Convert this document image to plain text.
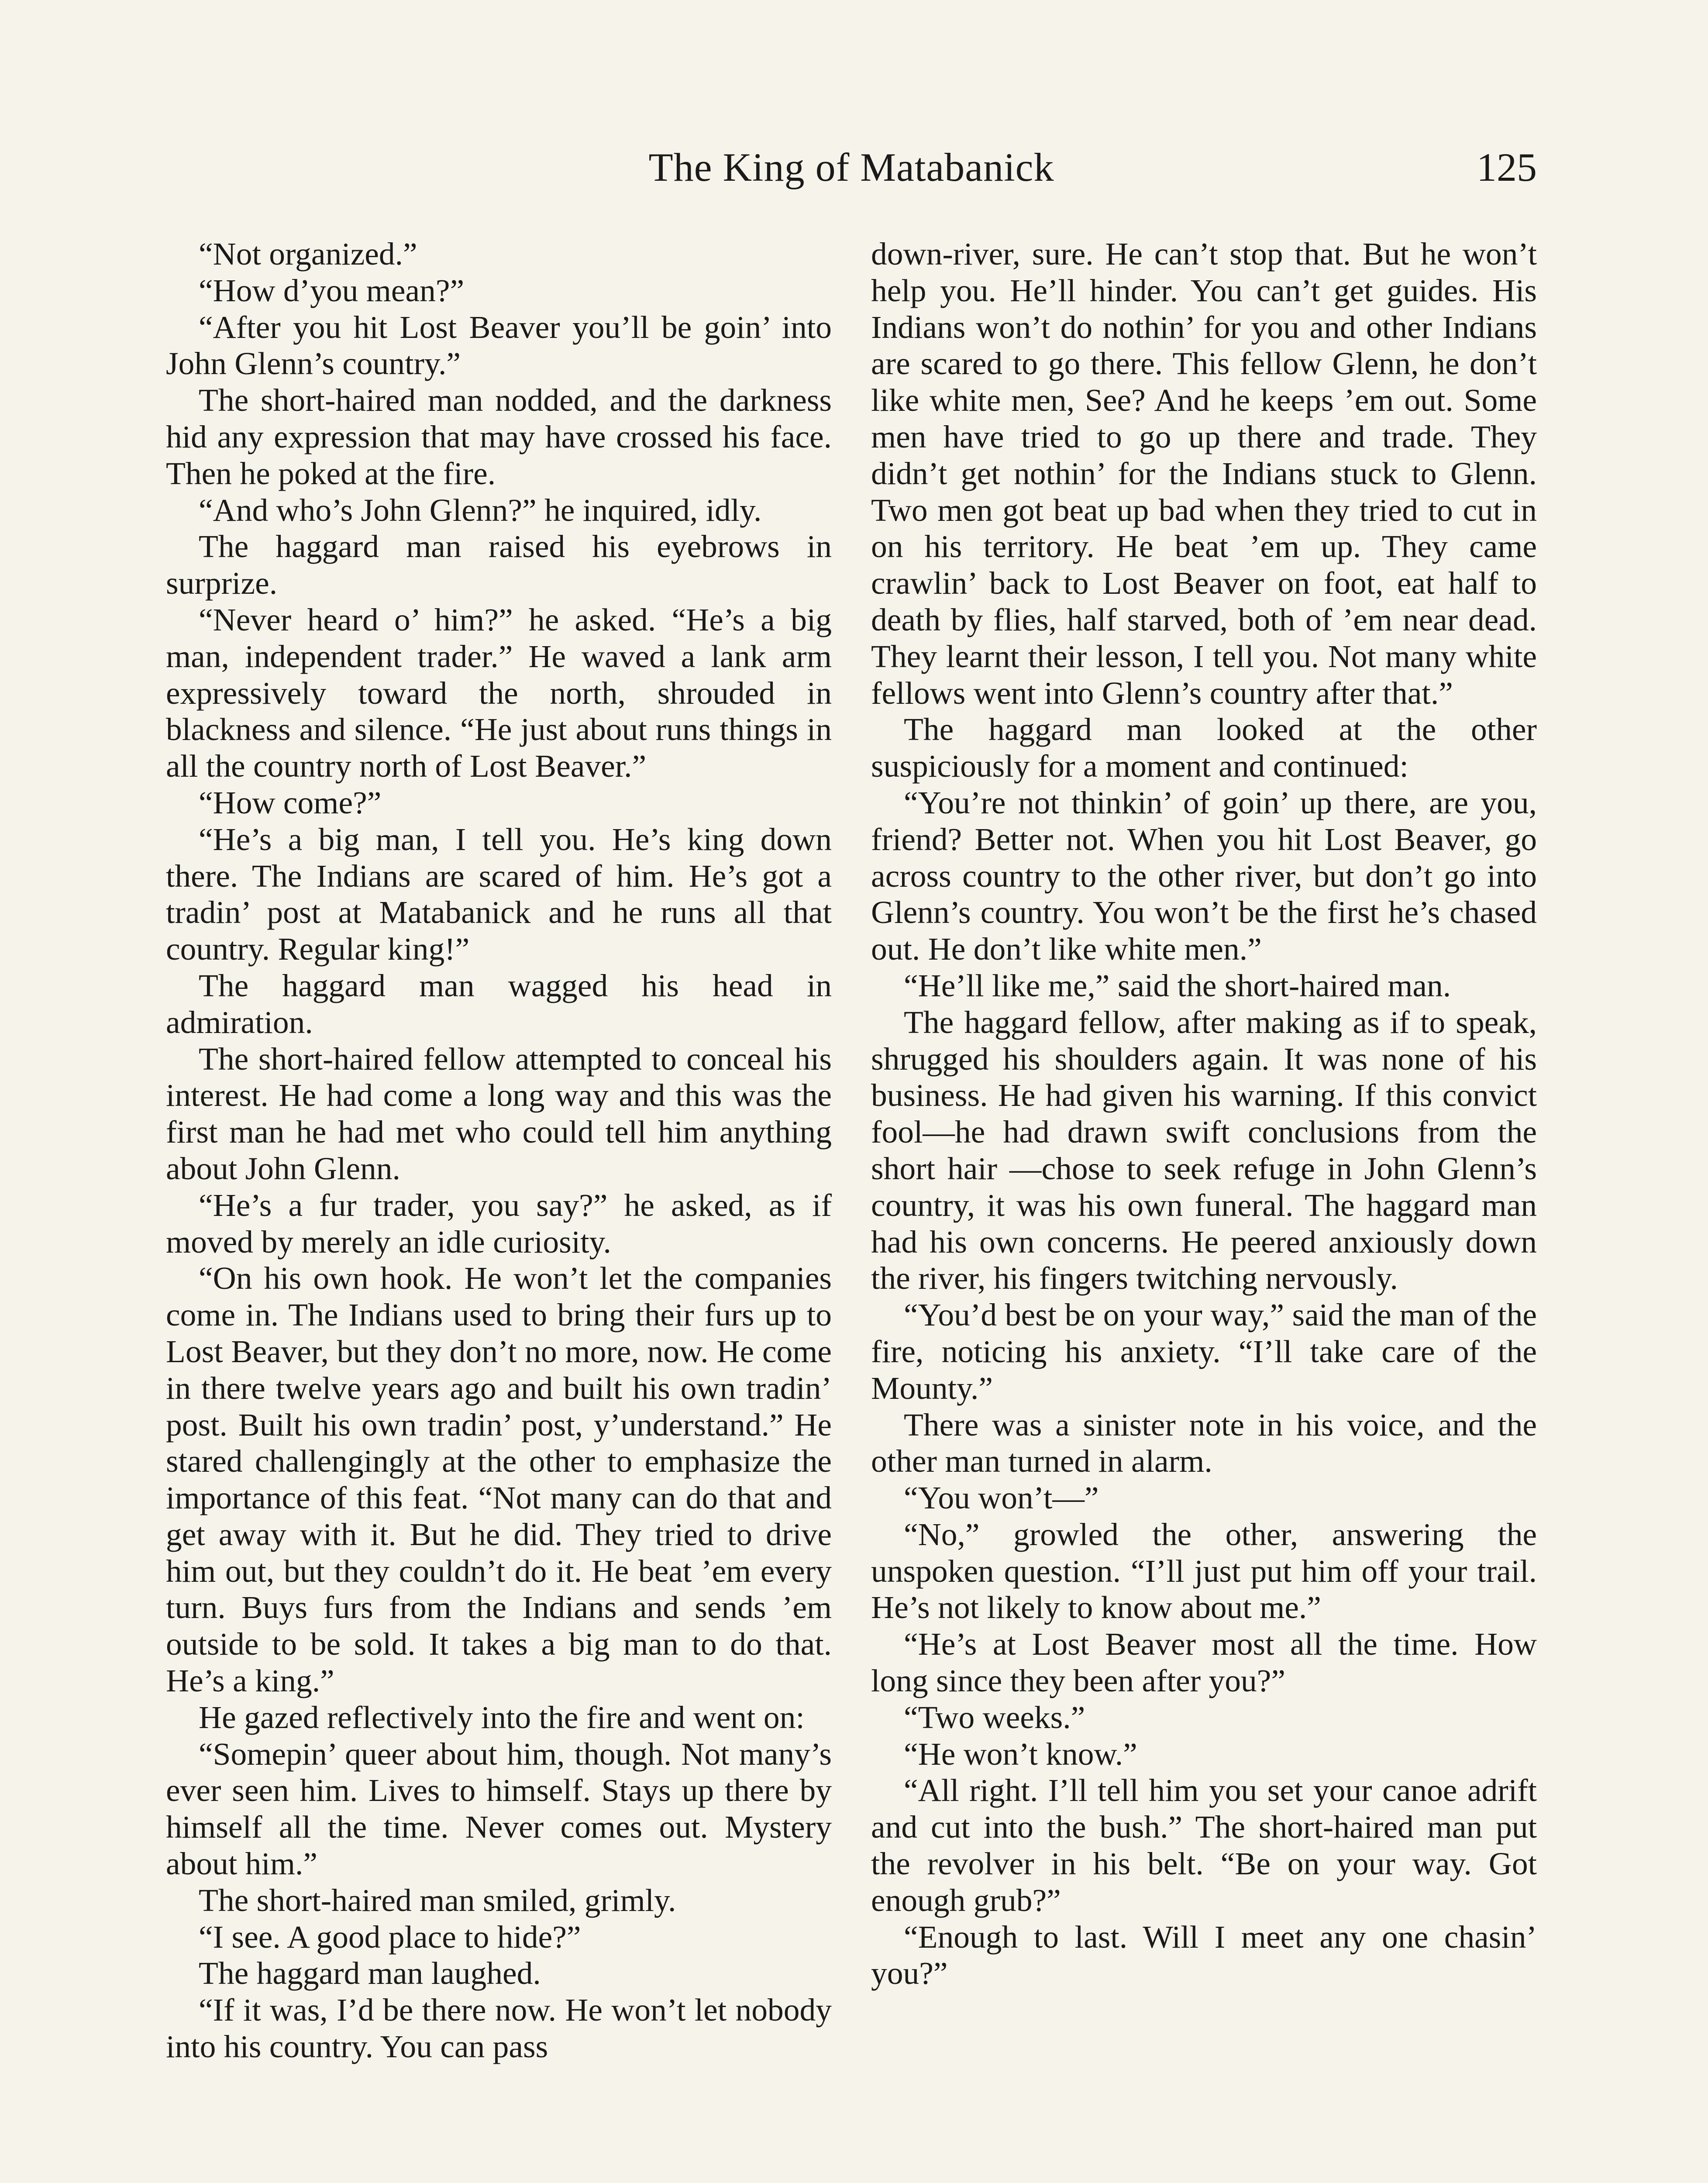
The King of Matabanick	125

“Not organized.”

“How d’you mean?”

“After you hit Lost Beaver you’ll be goin’ into John Glenn’s country.”

The short-haired man nodded, and the darkness hid any expression that may have crossed his face. Then he poked at the fire.

“And who’s John Glenn?” he inquired, idly.

The haggard man raised his eyebrows in surprize.

“Never heard o’ him?” he asked. “He’s a big man, independent trader.” He waved a lank arm expressively toward the north, shrouded in blackness and silence. “He just about runs things in all the country north of Lost Beaver.”

“How come?”

“He’s a big man, I tell you. He’s king down there. The Indians are scared of him. He’s got a tradin’ post at Matabanick and he runs all that country. Regular king!”

The haggard man wagged his head in admiration.

The short-haired fellow attempted to conceal his interest. He had come a long way and this was the first man he had met who could tell him anything about John Glenn.

“He’s a fur trader, you say?” he asked, as if moved by merely an idle curiosity.

“On his own hook. He won’t let the companies come in. The Indians used to bring their furs up to Lost Beaver, but they don’t no more, now. He come in there twelve years ago and built his own tradin’ post. Built his own tradin’ post, y’understand.” He stared challengingly at the other to emphasize the importance of this feat. “Not many can do that and get away with it. But he did. They tried to drive him out, but they couldn’t do it. He beat ’em every turn. Buys furs from the Indians and sends ’em outside to be sold. It takes a big man to do that. He’s a king.”

He gazed reflectively into the fire and went on:

“Somepin’ queer about him, though. Not many’s ever seen him. Lives to himself. Stays up there by himself all the time. Never comes out. Mystery about him.”

The short-haired man smiled, grimly.

“I see. A good place to hide?”

The haggard man laughed.

“If it was, I’d be there now. He won’t let nobody into his country. You can pass

down-river, sure. He can’t stop that. But he won’t help you. He’ll hinder. You can’t get guides. His Indians won’t do nothin’ for you and other Indians are scared to go there. This fellow Glenn, he don’t like white men, See? And he keeps ’em out. Some men have tried to go up there and trade. They didn’t get nothin’ for the Indians stuck to Glenn. Two men got beat up bad when they tried to cut in on his territory. He beat ’em up. They came crawlin’ back to Lost Beaver on foot, eat half to death by flies, half starved, both of ’em near dead. They learnt their lesson, I tell you. Not many white fellows went into Glenn’s country after that.”

The haggard man looked at the other suspiciously for a moment and continued:

“You’re not thinkin’ of goin’ up there, are you, friend? Better not. When you hit Lost Beaver, go across country to the other river, but don’t go into Glenn’s country. You won’t be the first he’s chased out. He don’t like white men.”

“He’ll like me,” said the short-haired man.

The haggard fellow, after making as if to speak, shrugged his shoulders again. It was none of his business. He had given his warning. If this convict fool—he had drawn swift conclusions from the short hair —chose to seek refuge in John Glenn’s country, it was his own funeral. The haggard man had his own concerns. He peered anxiously down the river, his fingers twitching nervously.

“You’d best be on your way,” said the man of the fire, noticing his anxiety. “I’ll take care of the Mounty.”

There was a sinister note in his voice, and the other man turned in alarm.

“You won’t—”

“No,” growled the other, answering the unspoken question. “I’ll just put him off your trail. He’s not likely to know about me.”

“He’s at Lost Beaver most all the time. How long since they been after you?”

“Two weeks.”

“He won’t know.”

“All right. I’ll tell him you set your canoe adrift and cut into the bush.” The short-haired man put the revolver in his belt. “Be on your way. Got enough grub?”

“Enough to last. Will I meet any one chasin’ you?”
